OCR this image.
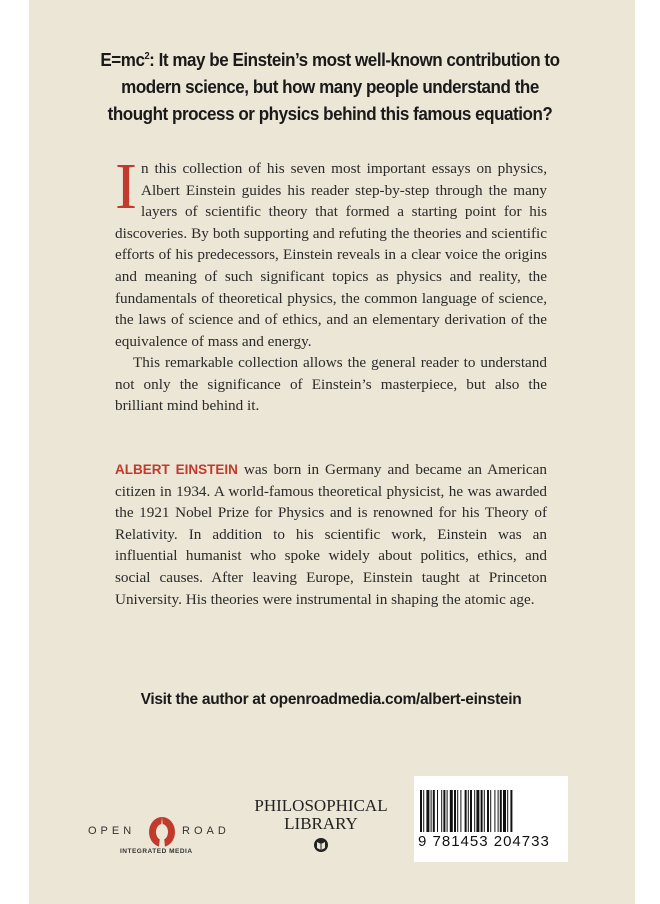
$E=mc^2$: It may be Einstein’s most well-known contribution to modern science, but how many people understand the thought process or physics behind this famous equation?
In this collection of his seven most important essays on physics, Albert Einstein guides his reader step-by-step through the many layers of scientific theory that formed a starting point for his discoveries. By both supporting and refuting the theories and scientific efforts of his predecessors, Einstein reveals in a clear voice the origins and meaning of such significant topics as physics and reality, the fundamentals of theoretical physics, the common language of science, the laws of science and of ethics, and an elementary derivation of the equivalence of mass and energy.
This remarkable collection allows the general reader to understand not only the significance of Einstein’s masterpiece, but also the brilliant mind behind it.
ALBERT EINSTEIN was born in Germany and became an American citizen in 1934. A world-famous theoretical physicist, he was awarded the 1921 Nobel Prize for Physics and is renowned for his Theory of Relativity. In addition to his scientific work, Einstein was an influential humanist who spoke widely about politics, ethics, and social causes. After leaving Europe, Einstein taught at Princeton University. His theories were instrumental in shaping the atomic age.
Visit the author at openroadmedia.com/albert-einstein
OPEN	ROAD
INTEGRATED MEDIA
PHILOSOPHICAL
LIBRARY
9 781453 204733
